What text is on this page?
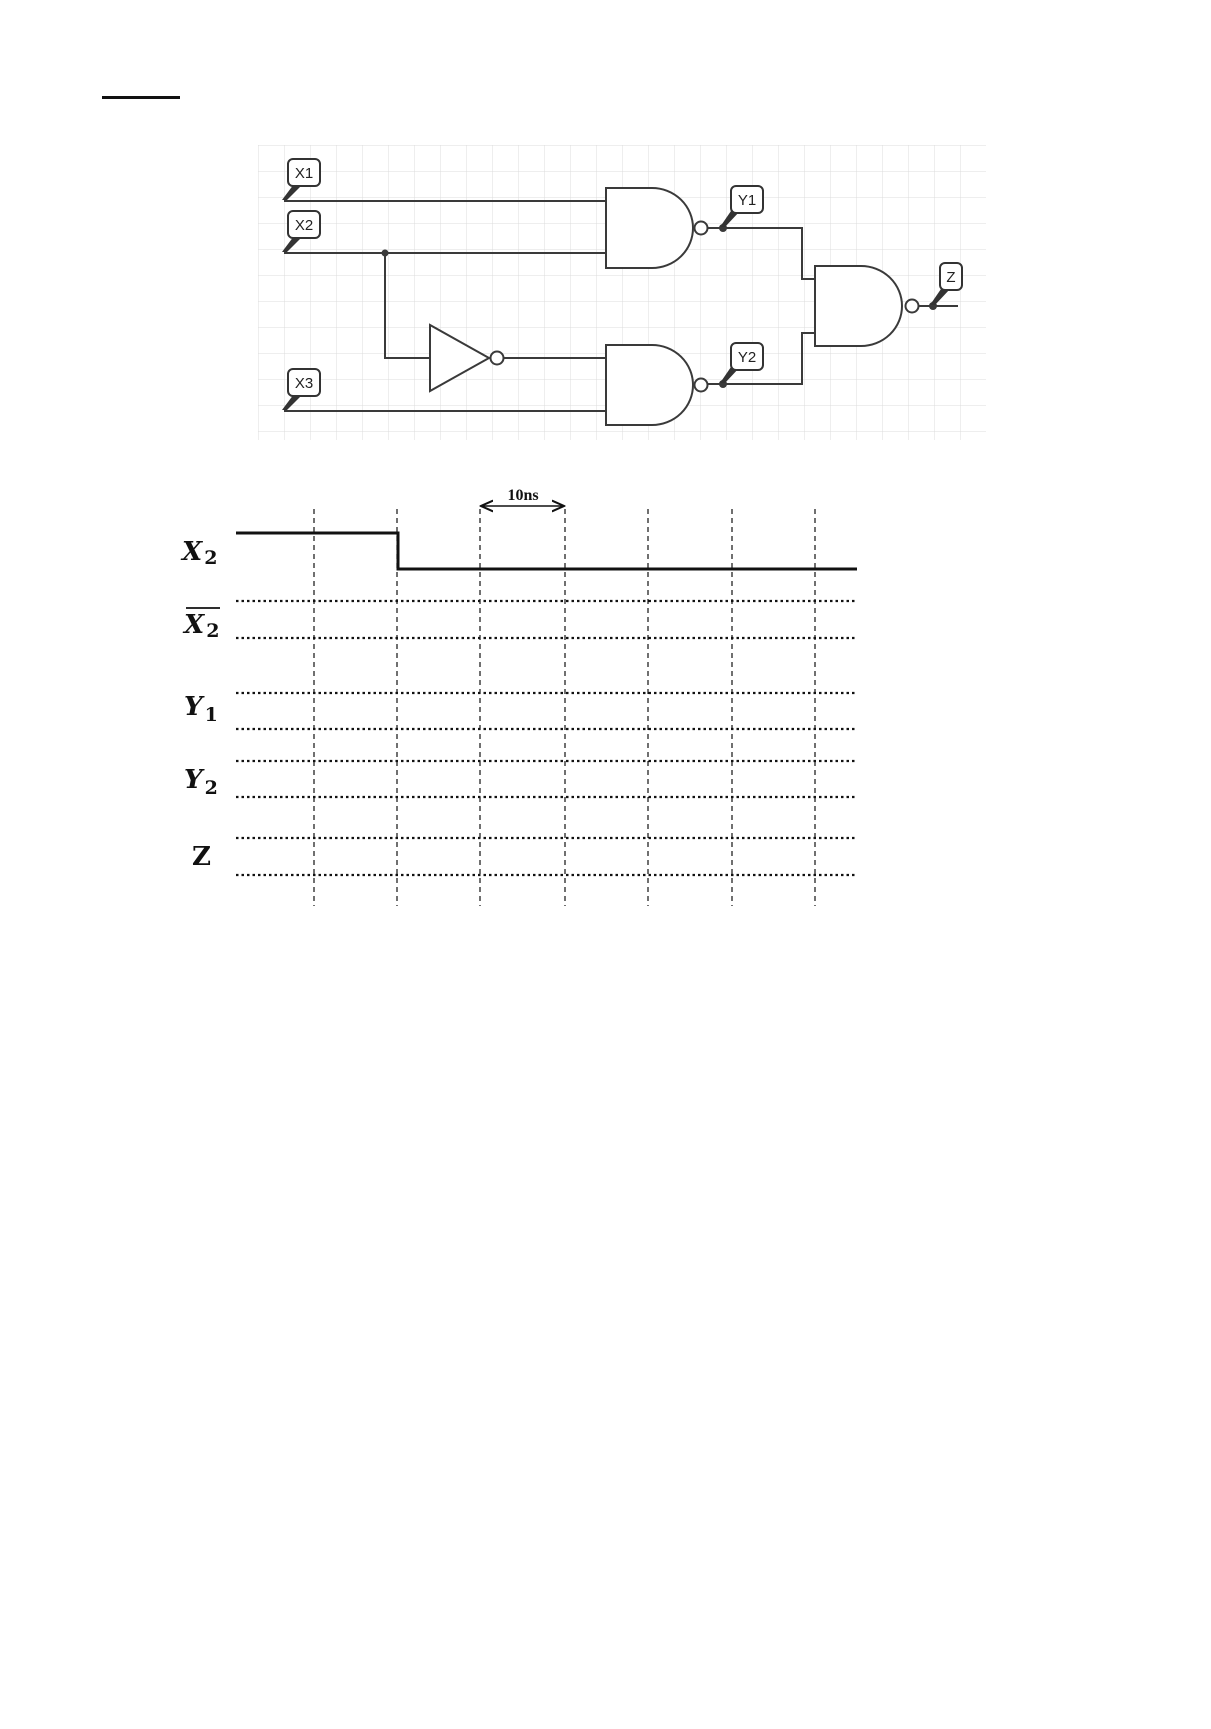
X1
X2
X3
Y1
Y2
Z
10ns
X 2
X 2
Y 1
Y 2
Z
